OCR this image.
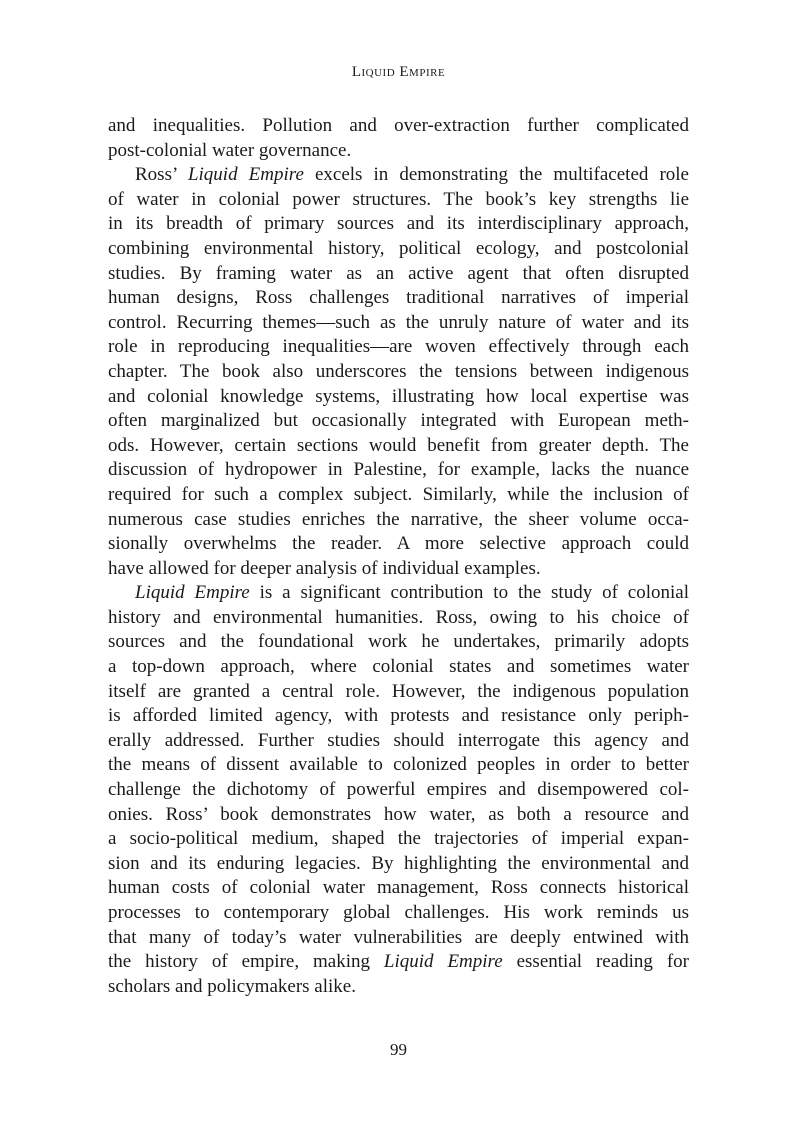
Liquid Empire
and inequalities. Pollution and over-extraction further complicated
post-colonial water governance.
Ross’ Liquid Empire excels in demonstrating the multifaceted role
of water in colonial power structures. The book’s key strengths lie
in its breadth of primary sources and its interdisciplinary approach,
combining environmental history, political ecology, and postcolonial
studies. By framing water as an active agent that often disrupted
human designs, Ross challenges traditional narratives of imperial
control. Recurring themes—such as the unruly nature of water and its
role in reproducing inequalities—are woven effectively through each
chapter. The book also underscores the tensions between indigenous
and colonial knowledge systems, illustrating how local expertise was
often marginalized but occasionally integrated with European meth-
ods. However, certain sections would benefit from greater depth. The
discussion of hydropower in Palestine, for example, lacks the nuance
required for such a complex subject. Similarly, while the inclusion of
numerous case studies enriches the narrative, the sheer volume occa-
sionally overwhelms the reader. A more selective approach could
have allowed for deeper analysis of individual examples.
Liquid Empire is a significant contribution to the study of colonial
history and environmental humanities. Ross, owing to his choice of
sources and the foundational work he undertakes, primarily adopts
a top-down approach, where colonial states and sometimes water
itself are granted a central role. However, the indigenous population
is afforded limited agency, with protests and resistance only periph-
erally addressed. Further studies should interrogate this agency and
the means of dissent available to colonized peoples in order to better
challenge the dichotomy of powerful empires and disempowered col-
onies. Ross’ book demonstrates how water, as both a resource and
a socio-political medium, shaped the trajectories of imperial expan-
sion and its enduring legacies. By highlighting the environmental and
human costs of colonial water management, Ross connects historical
processes to contemporary global challenges. His work reminds us
that many of today’s water vulnerabilities are deeply entwined with
the history of empire, making Liquid Empire essential reading for
scholars and policymakers alike.
99
